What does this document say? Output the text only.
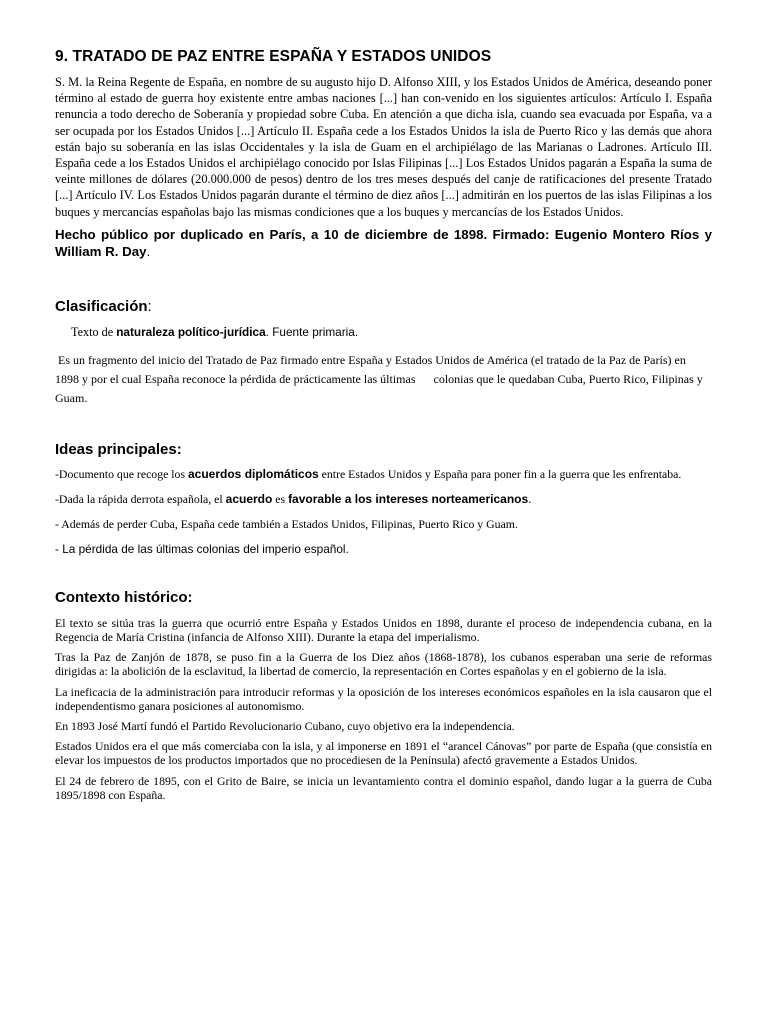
9. TRATADO DE PAZ ENTRE ESPAÑA Y ESTADOS UNIDOS

S. M. la Reina Regente de España, en nombre de su augusto hijo D. Alfonso XIII, y los Estados Unidos de América, deseando poner término al estado de guerra hoy existente entre ambas naciones [...] han con-venido en los siguientes artículos: Artículo I. España renuncia a todo derecho de Soberanía y propiedad sobre Cuba. En atención a que dicha isla, cuando sea evacuada por España, va a ser ocupada por los Estados Unidos [...] Artículo II. España cede a los Estados Unidos la isla de Puerto Rico y las demás que ahora están bajo su soberanía en las islas Occidentales y la isla de Guam en el archipiélago de las Marianas o Ladrones. Artículo III. España cede a los Estados Unidos el archipiélago conocido por Islas Filipinas [...] Los Estados Unidos pagarán a España la suma de veinte millones de dólares (20.000.000 de pesos) dentro de los tres meses después del canje de ratificaciones del presente Tratado [...] Artículo IV. Los Estados Unidos pagarán durante el término de diez años [...] admitirán en los puertos de las islas Filipinas a los buques y mercancías españolas bajo las mismas condiciones que a los buques y mercancías de los Estados Unidos.

Hecho público por duplicado en París, a 10 de diciembre de 1898. Firmado: Eugenio Montero Ríos y William R. Day.

Clasificación:

Texto de naturaleza político-jurídica. Fuente primaria.

Es un fragmento del inicio del Tratado de Paz firmado entre España y Estados Unidos de América (el tratado de la Paz de París) en 1898 y por el cual España reconoce la pérdida de prácticamente las últimas      colonias que le quedaban Cuba, Puerto Rico, Filipinas y Guam.

Ideas principales:

-Documento que recoge los acuerdos diplomáticos entre Estados Unidos y España para poner fin a la guerra que les enfrentaba.

-Dada la rápida derrota española, el acuerdo es favorable a los intereses norteamericanos.

- Además de perder Cuba, España cede también a Estados Unidos, Filipinas, Puerto Rico y Guam.

- La pérdida de las últimas colonias del imperio español.

Contexto histórico:

El texto se sitúa tras la guerra que ocurrió entre España y Estados Unidos en 1898, durante el proceso de independencia cubana, en la Regencia de María Cristina (infancia de Alfonso XIII). Durante la etapa del imperialismo.

Tras la Paz de Zanjón de 1878, se puso fin a la Guerra de los Diez años (1868-1878), los cubanos esperaban una serie de reformas dirigidas a: la abolición de la esclavitud, la libertad de comercio, la representación en Cortes españolas y en el gobierno de la isla.

La ineficacia de la administración para introducir reformas y la oposición de los intereses económicos españoles en la isla causaron que el independentismo ganara posiciones al autonomismo.

En 1893 José Martí fundó el Partido Revolucionario Cubano, cuyo objetivo era la independencia.

Estados Unidos era el que más comerciaba con la isla, y al imponerse en 1891 el “arancel Cánovas” por parte de España (que consistía en elevar los impuestos de los productos importados que no procediesen de la Península) afectó gravemente a Estados Unidos.

El 24 de febrero de 1895, con el Grito de Baire, se inicia un levantamiento contra el dominio español, dando lugar a la guerra de Cuba 1895/1898 con España.
